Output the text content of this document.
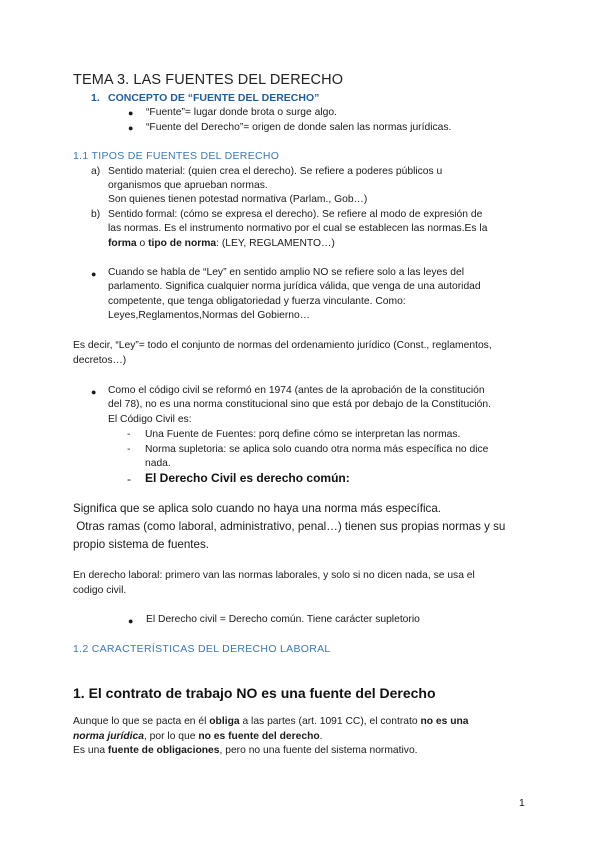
TEMA 3. LAS FUENTES DEL DERECHO
1. CONCEPTO DE “FUENTE DEL DERECHO”
● “Fuente”= lugar donde brota o surge algo.
● “Fuente del Derecho”= origen de donde salen las normas jurídicas.
1.1 TIPOS DE FUENTES DEL DERECHO
a) Sentido material: (quien crea el derecho). Se refiere a poderes públicos u
organismos que aprueban normas.
Son quienes tienen potestad normativa (Parlam., Gob…)
b) Sentido formal: (cómo se expresa el derecho). Se refiere al modo de expresión de
las normas. Es el instrumento normativo por el cual se establecen las normas.Es la
forma o tipo de norma: (LEY, REGLAMENTO…)
● Cuando se habla de “Ley” en sentido amplio NO se refiere solo a las leyes del
parlamento. Significa cualquier norma jurídica válida, que venga de una autoridad
competente, que tenga obligatoriedad y fuerza vinculante. Como:
Leyes,Reglamentos,Normas del Gobierno…
Es decir, “Ley”= todo el conjunto de normas del ordenamiento jurídico (Const., reglamentos,
decretos…)
● Como el código civil se reformó en 1974 (antes de la aprobación de la constitución
del 78), no es una norma constitucional sino que está por debajo de la Constitución.
El Código Civil es:
- Una Fuente de Fuentes: porq define cómo se interpretan las normas.
- Norma supletoria: se aplica solo cuando otra norma más específica no dice
nada.
- El Derecho Civil es derecho común:
Significa que se aplica solo cuando no haya una norma más específica.
Otras ramas (como laboral, administrativo, penal…) tienen sus propias normas y su
propio sistema de fuentes.
En derecho laboral: primero van las normas laborales, y solo si no dicen nada, se usa el
codigo civil.
● El Derecho civil = Derecho común. Tiene carácter supletorio
1.2 CARACTERÍSTICAS DEL DERECHO LABORAL
1. El contrato de trabajo NO es una fuente del Derecho
Aunque lo que se pacta en él obliga a las partes (art. 1091 CC), el contrato no es una
norma jurídica, por lo que no es fuente del derecho.
Es una fuente de obligaciones, pero no una fuente del sistema normativo.
1
